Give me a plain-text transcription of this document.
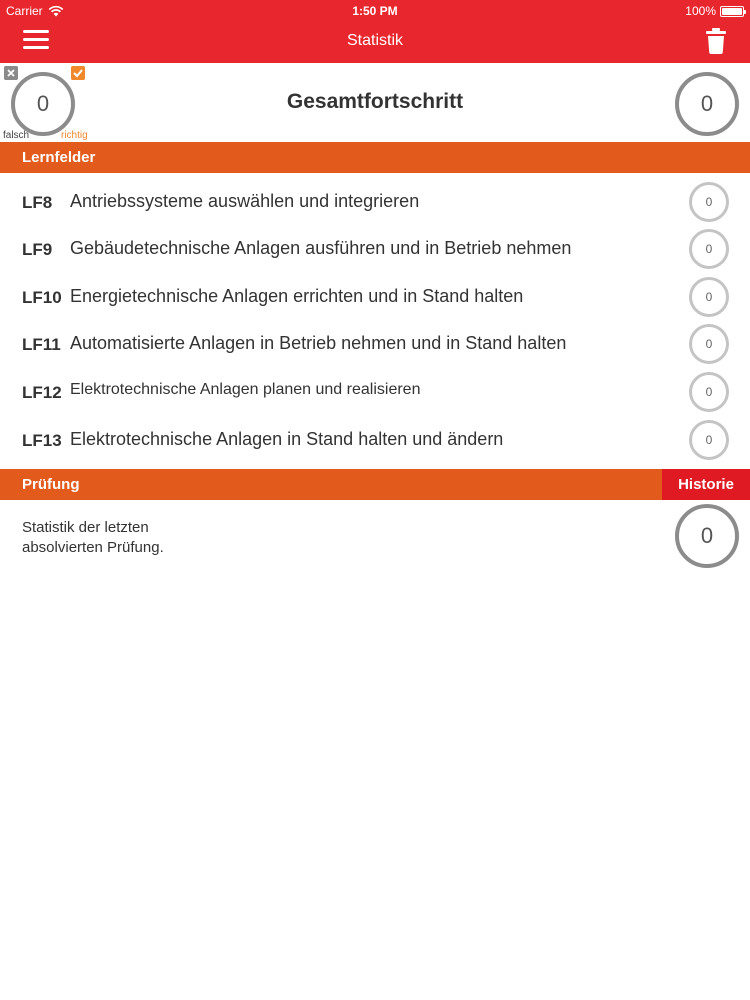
Carrier	1:50 PM	100%
Statistik
0
falsch	richtig
Gesamtfortschritt	0
Lernfelder
LF8 Antriebssysteme auswählen und integrieren	0
LF9 Gebäudetechnische Anlagen ausführen und in Betrieb nehmen	0
LF10 Energietechnische Anlagen errichten und in Stand halten	0
LF11 Automatisierte Anlagen in Betrieb nehmen und in Stand halten	0
LF12 Elektrotechnische Anlagen planen und realisieren	0
LF13 Elektrotechnische Anlagen in Stand halten und ändern	0
Prüfung	Historie
Statistik der letzten
absolvierten Prüfung.	0
